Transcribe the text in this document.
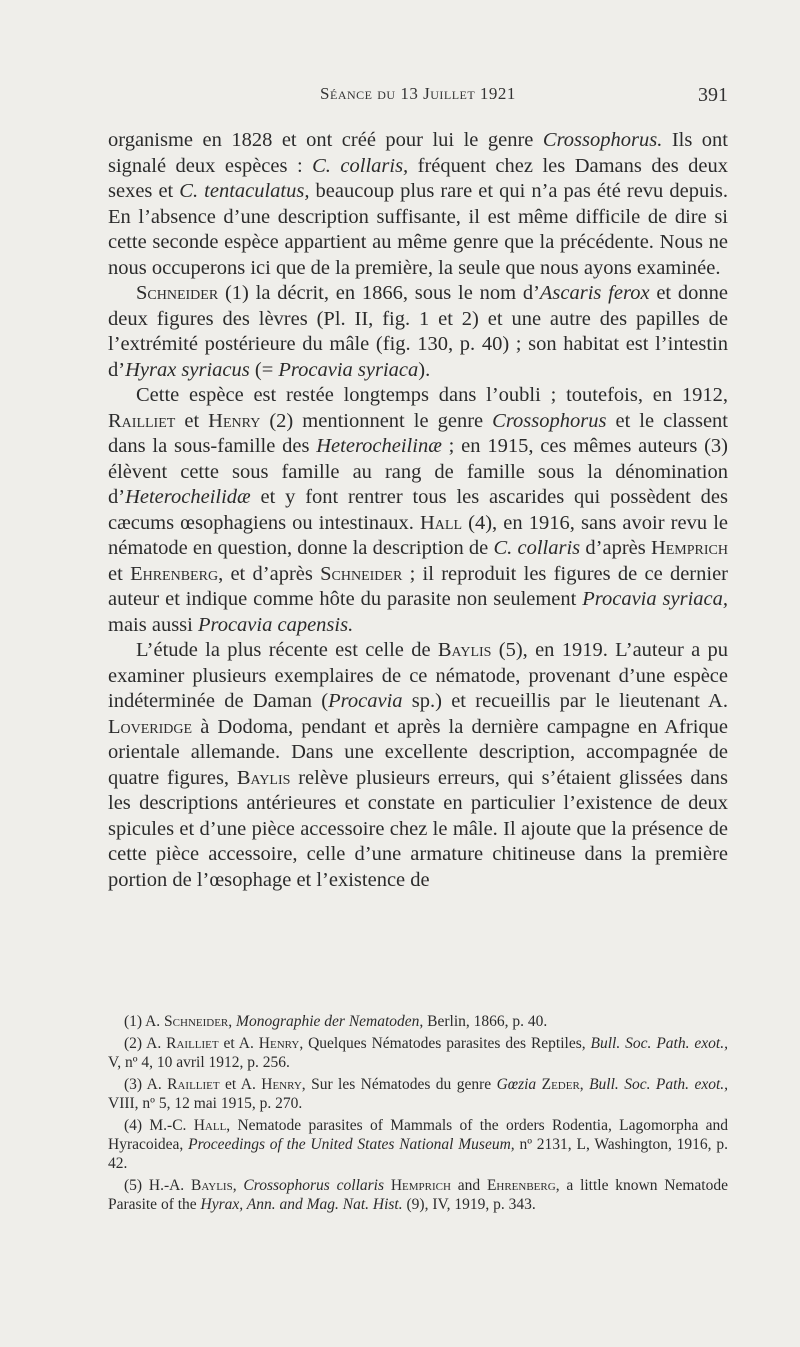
Séance du 13 Juillet 1921	391

organisme en 1828 et ont créé pour lui le genre Crossophorus. Ils ont signalé deux espèces : C. collaris, fréquent chez les Damans des deux sexes et C. tentaculatus, beaucoup plus rare et qui n’a pas été revu depuis. En l’absence d’une description suffisante, il est même difficile de dire si cette seconde espèce appartient au même genre que la précédente. Nous ne nous occuperons ici que de la première, la seule que nous ayons examinée.

Schneider (1) la décrit, en 1866, sous le nom d’Ascaris ferox et donne deux figures des lèvres (Pl. II, fig. 1 et 2) et une autre des papilles de l’extrémité postérieure du mâle (fig. 130, p. 40) ; son habitat est l’intestin d’Hyrax syriacus (= Procavia syriaca).

Cette espèce est restée longtemps dans l’oubli ; toutefois, en 1912, Railliet et Henry (2) mentionnent le genre Crossophorus et le classent dans la sous-famille des Heterocheilinæ ; en 1915, ces mêmes auteurs (3) élèvent cette sous famille au rang de famille sous la dénomination d’Heterocheilidæ et y font rentrer tous les ascarides qui possèdent des cæcums œsophagiens ou intestinaux. Hall (4), en 1916, sans avoir revu le nématode en question, donne la description de C. collaris d’après Hemprich et Ehrenberg, et d’après Schneider ; il reproduit les figures de ce dernier auteur et indique comme hôte du parasite non seulement Procavia syriaca, mais aussi Procavia capensis.

L’étude la plus récente est celle de Baylis (5), en 1919. L’auteur a pu examiner plusieurs exemplaires de ce nématode, provenant d’une espèce indéterminée de Daman (Procavia sp.) et recueillis par le lieutenant A. Loveridge à Dodoma, pendant et après la dernière campagne en Afrique orientale allemande. Dans une excellente description, accompagnée de quatre figures, Baylis relève plusieurs erreurs, qui s’étaient glissées dans les descriptions antérieures et constate en particulier l’existence de deux spicules et d’une pièce accessoire chez le mâle. Il ajoute que la présence de cette pièce accessoire, celle d’une armature chitineuse dans la première portion de l’œsophage et l’existence de

(1) A. Schneider, Monographie der Nematoden, Berlin, 1866, p. 40.

(2) A. Railliet et A. Henry, Quelques Nématodes parasites des Reptiles, Bull. Soc. Path. exot., V, nº 4, 10 avril 1912, p. 256.

(3) A. Railliet et A. Henry, Sur les Nématodes du genre Gœzia Zeder, Bull. Soc. Path. exot., VIII, nº 5, 12 mai 1915, p. 270.

(4) M.-C. Hall, Nematode parasites of Mammals of the orders Rodentia, Lagomorpha and Hyracoidea, Proceedings of the United States National Museum, nº 2131, L, Washington, 1916, p. 42.

(5) H.-A. Baylis, Crossophorus collaris Hemprich and Ehrenberg, a little known Nematode Parasite of the Hyrax, Ann. and Mag. Nat. Hist. (9), IV, 1919, p. 343.
